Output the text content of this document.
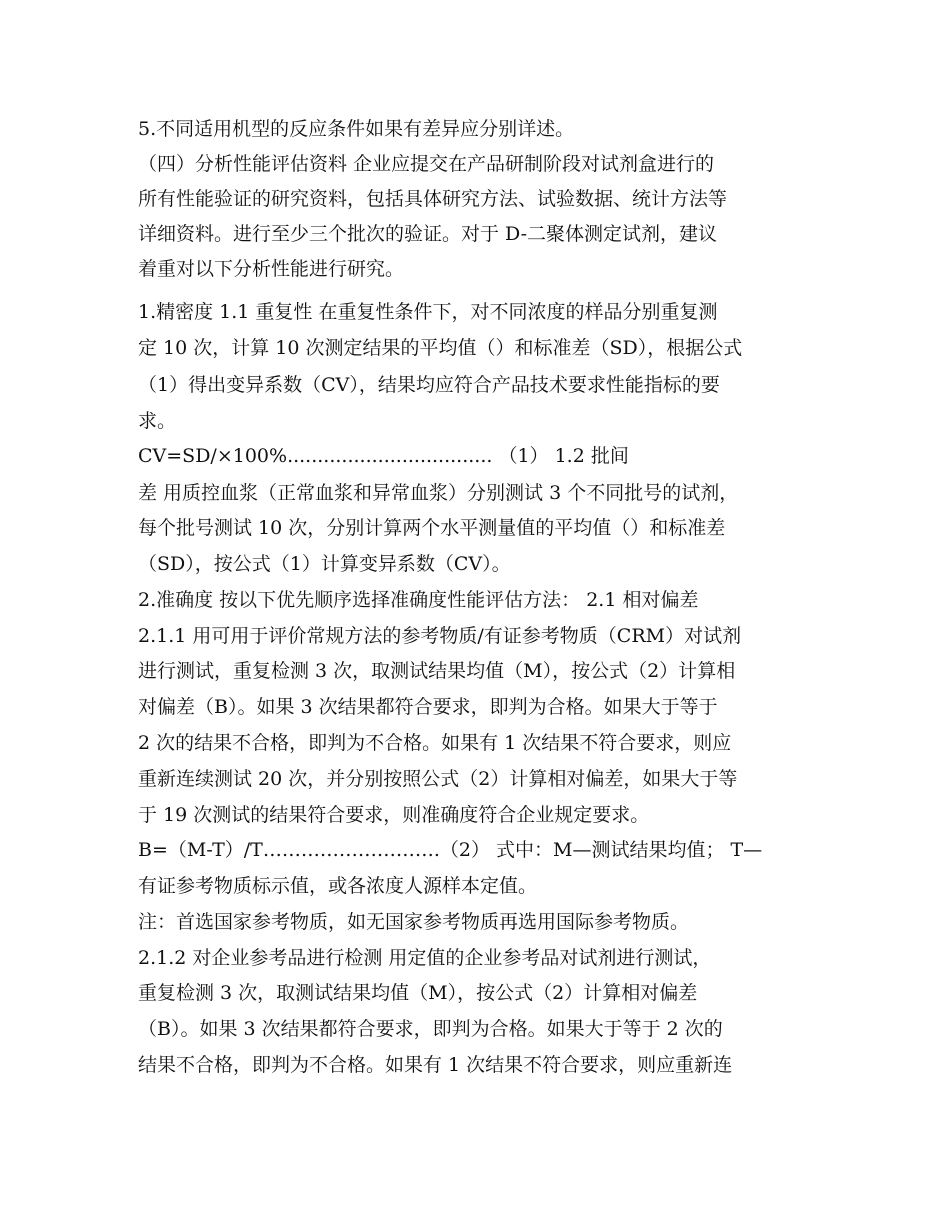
5.不同适用机型的反应条件如果有差异应分别详述。
（四）分析性能评估资料 企业应提交在产品研制阶段对试剂盒进行的
所有性能验证的研究资料，包括具体研究方法、试验数据、统计方法等
详细资料。进行至少三个批次的验证。对于 D-二聚体测定试剂，建议
着重对以下分析性能进行研究。
1.精密度 1.1 重复性 在重复性条件下，对不同浓度的样品分别重复测
定 10 次，计算 10 次测定结果的平均值（）和标准差（SD），根据公式
（1）得出变异系数（CV），结果均应符合产品技术要求性能指标的要
求。
CV=SD/×100%.................................. （1） 1.2 批间
差 用质控血浆（正常血浆和异常血浆）分别测试 3 个不同批号的试剂，
每个批号测试 10 次，分别计算两个水平测量值的平均值（）和标准差
（SD），按公式（1）计算变异系数（CV）。
2.准确度 按以下优先顺序选择准确度性能评估方法： 2.1 相对偏差
2.1.1 用可用于评价常规方法的参考物质/有证参考物质（CRM）对试剂
进行测试，重复检测 3 次，取测试结果均值（M），按公式（2）计算相
对偏差（B）。如果 3 次结果都符合要求，即判为合格。如果大于等于
2 次的结果不合格，即判为不合格。如果有 1 次结果不符合要求，则应
重新连续测试 20 次，并分别按照公式（2）计算相对偏差，如果大于等
于 19 次测试的结果符合要求，则准确度符合企业规定要求。
B=（M-T）/T……………………….（2） 式中：M—测试结果均值； T—
有证参考物质标示值，或各浓度人源样本定值。
注：首选国家参考物质，如无国家参考物质再选用国际参考物质。
2.1.2 对企业参考品进行检测 用定值的企业参考品对试剂进行测试，
重复检测 3 次，取测试结果均值（M），按公式（2）计算相对偏差
（B）。如果 3 次结果都符合要求，即判为合格。如果大于等于 2 次的
结果不合格，即判为不合格。如果有 1 次结果不符合要求，则应重新连
